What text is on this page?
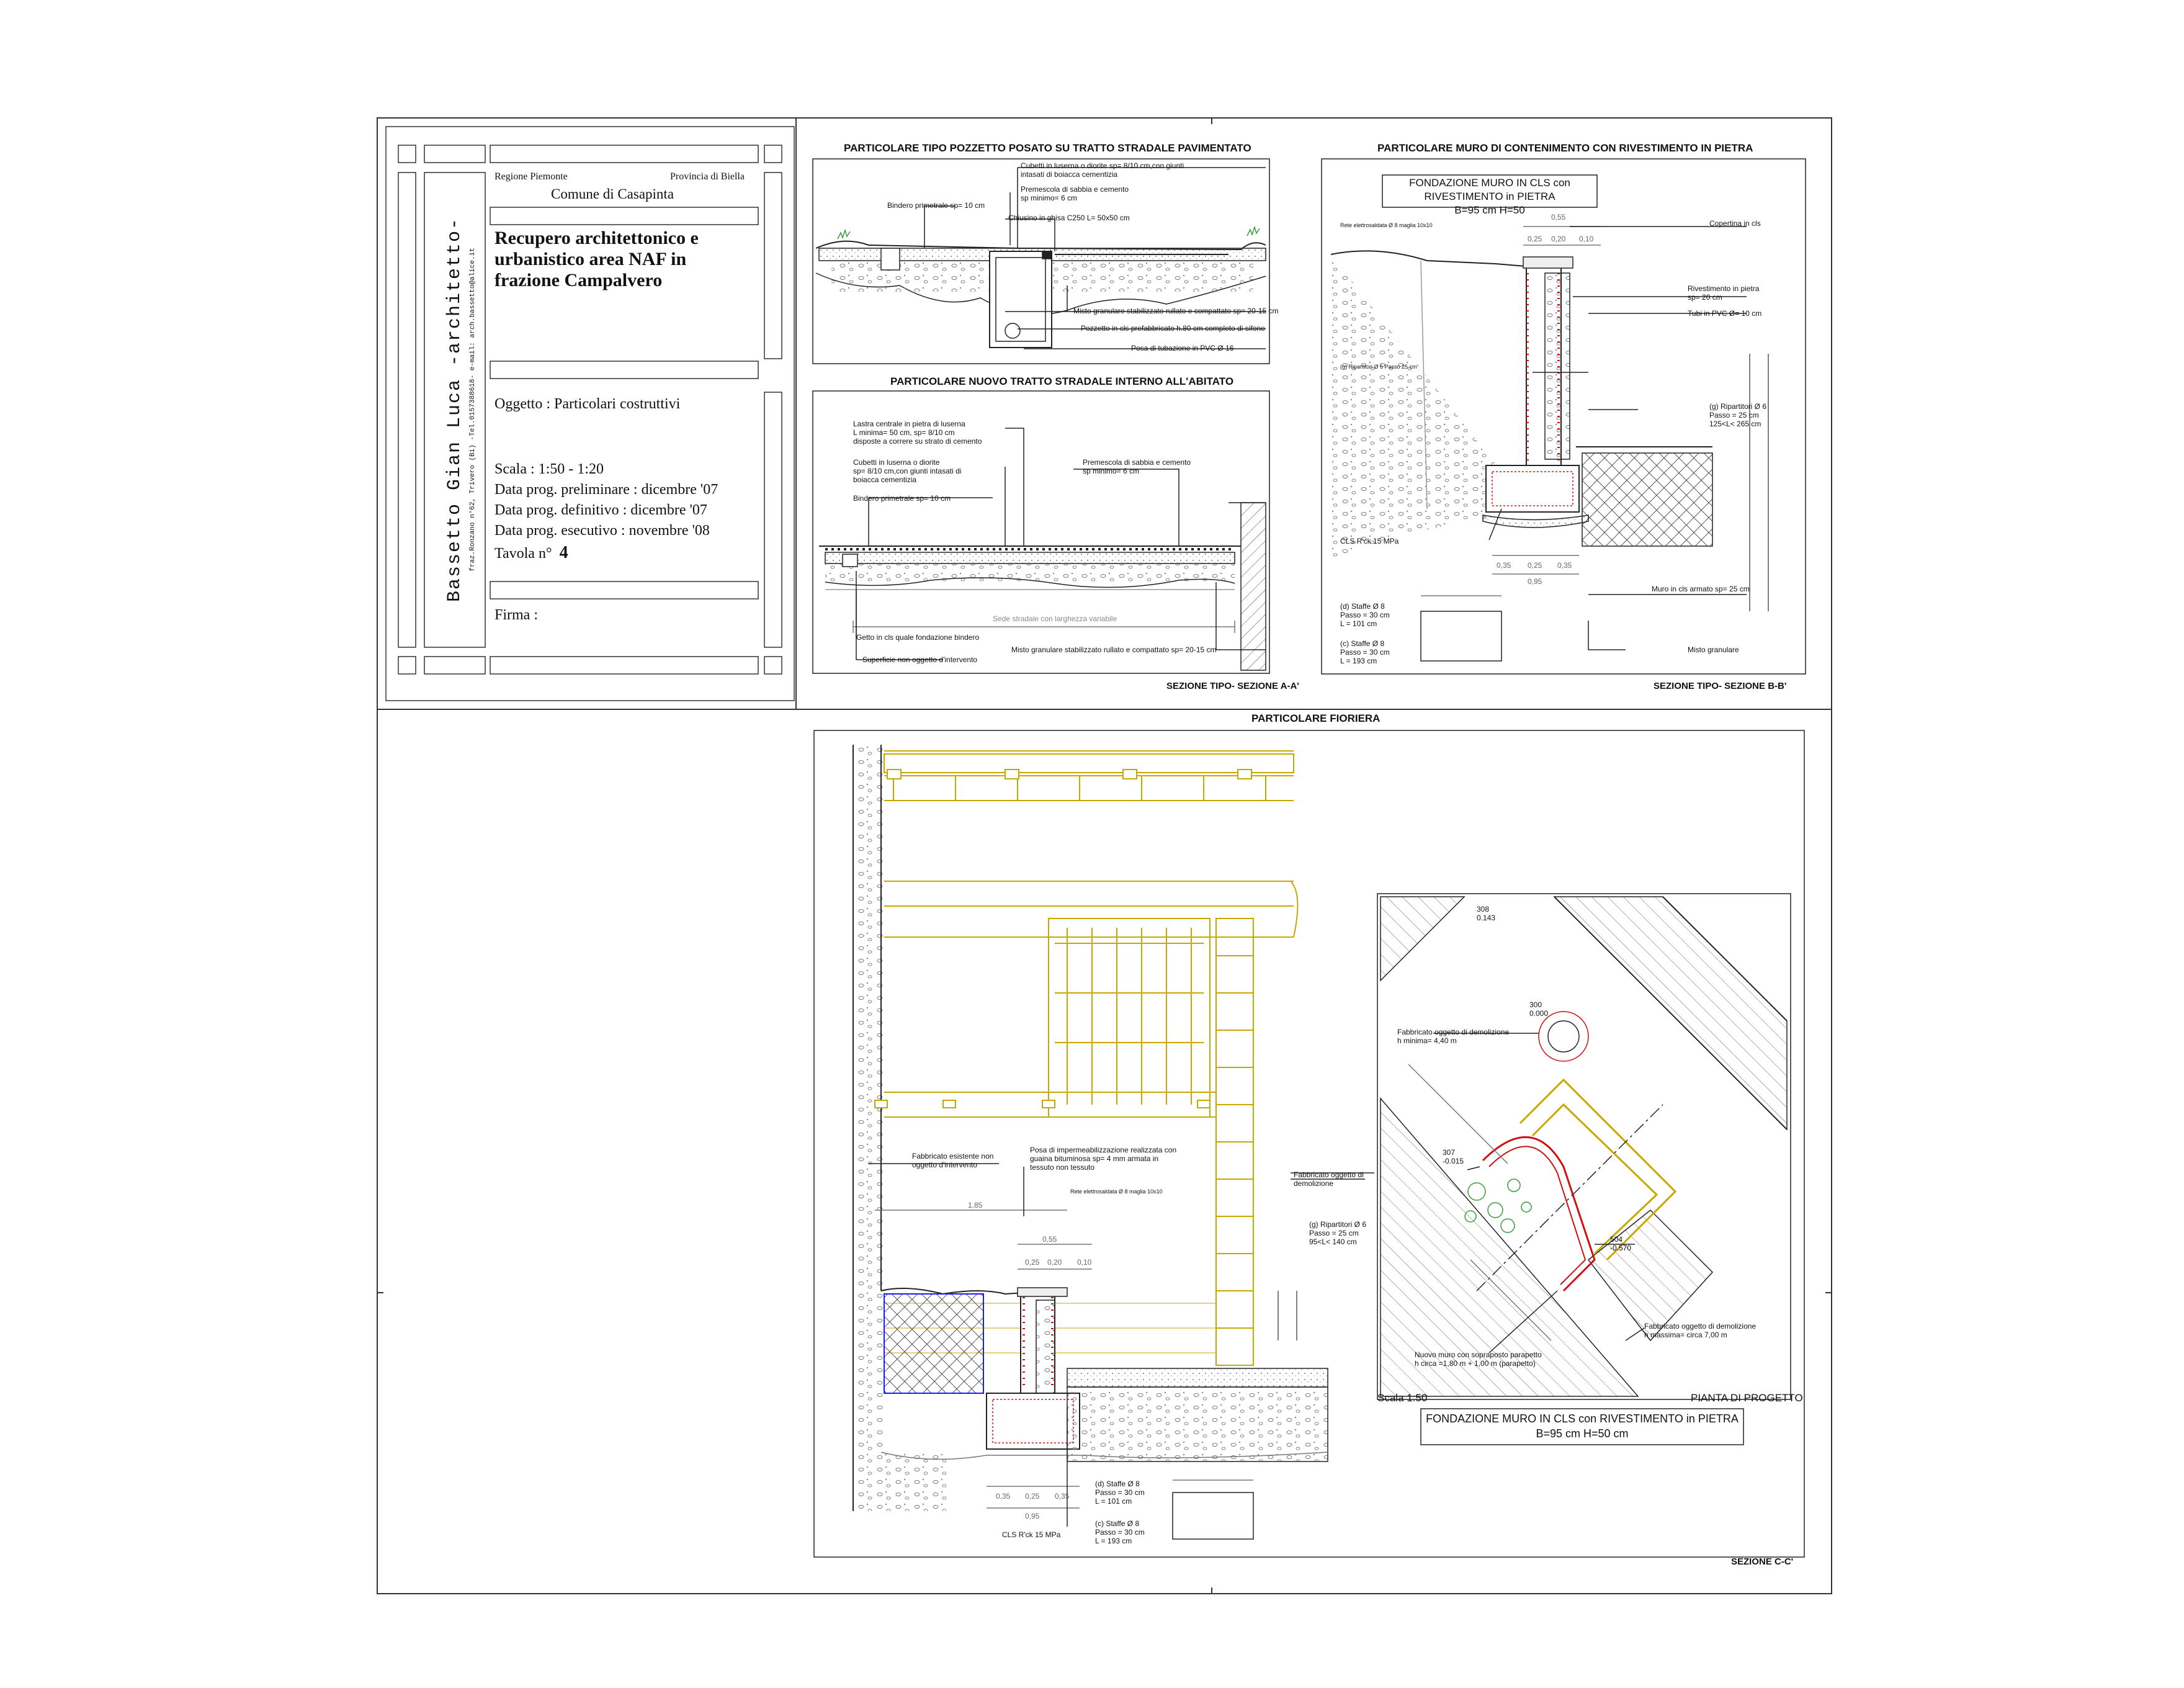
Bassetto Gian Luca -architetto- fraz.Ronzano n°62, Trivero (Bi) -Tel.0157388618- e-mail: arch.bassetto@alice.it
Regione Piemonte	Provincia di Biella
Comune di Casapinta
Recupero architettonico e
urbanistico area NAF in
frazione Campalvero
Oggetto : Particolari costruttivi
Scala : 1:50 - 1:20
Data prog. preliminare : dicembre '07
Data prog. definitivo : dicembre '07
Data prog. esecutivo : novembre '08
Tavola n° 4
Firma :
PARTICOLARE TIPO POZZETTO POSATO SU TRATTO STRADALE PAVIMENTATO
PARTICOLARE NUOVO TRATTO STRADALE INTERNO ALL'ABITATO
PARTICOLARE MURO DI CONTENIMENTO CON RIVESTIMENTO IN PIETRA
PARTICOLARE FIORIERA
SEZIONE TIPO- SEZIONE A-A'	SEZIONE TIPO- SEZIONE B-B'
SEZIONE C-C'
FONDAZIONE MURO IN CLS con RIVESTIMENTO in PIETRA
B=95 cm H=50
FONDAZIONE MURO IN CLS con RIVESTIMENTO in PIETRA
B=95 cm H=50 cm
Cubetti in luserna o diorite sp= 8/10 cm,con giunti
intasati di boiacca cementizia
Premescola di sabbia e cemento
sp minimo= 6 cm
Bindero primetrale sp= 10 cm
Chiusino in ghisa C250 L= 50x50 cm
Misto granulare stabilizzato rullato e compattato sp= 20-15 cm
Pozzetto in cls prefabbricato h.80 cm completo di sifone
Posa di tubazione in PVC Ø 16
Lastra centrale in pietra di luserna
L minima= 50 cm, sp= 8/10 cm
disposte a correre su strato di cemento
Cubetti in luserna o diorite
sp= 8/10 cm,con giunti intasati di
boiacca cementizia
Bindero primetrale sp= 10 cm
Premescola di sabbia e cemento
sp minimo= 6 cm
Sede stradale con larghezza variabile
Getto in cls quale fondazione bindero
Superficie non oggetto d'intervento
Misto granulare stabilizzato rullato e compattato sp= 20-15 cm
Rete elettrosaldata Ø 8 maglia 10x10	Copertina in cls
Rivestimento in pietra
sp= 20 cm
Tubi in PVC Ø= 10 cm
(g) Ripartitori Ø 6 Passo 25 cm
(g) Ripartitori Ø 6
Passo = 25 cm
125<L< 265 cm
CLS R'ck 15 MPa
Muro in cls armato sp= 25 cm
(d) Staffe Ø 8
Passo = 30 cm
L = 101 cm
(c) Staffe Ø 8
Passo = 30 cm
L = 193 cm
Misto granulare
0,55
0,25 0,20 0,10
0,35 0,25 0,35
0,95
Fabbricato esistente non
oggetto d'intervento
Posa di impermeabilizzazione realizzata con
guaina bituminosa sp= 4 mm armata in
tessuto non tessuto
Rete elettrosaldata Ø 8 maglia 10x10
Fabbricato oggetto di
demolizione
(g) Ripartitori Ø 6
Passo = 25 cm
95<L< 140 cm
CLS R'ck 15 MPa
(d) Staffe Ø 8
Passo = 30 cm
L = 101 cm
(c) Staffe Ø 8
Passo = 30 cm
L = 193 cm
1,85
0,55
0,25 0,20 0,10
0,35 0,25 0,35
0,95
308
0.143
300
0.000
Fabbricato oggetto di demolizione
h minima= 4,40 m
307
-0.015
504
-0.570
Fabbricato oggetto di demolizione
h massima= circa 7,00 m
Nuovo muro con sopraposto parapetto
h circa =1,80 m + 1,00 m (parapetto)
Scala 1:50	PIANTA DI PROGETTO
